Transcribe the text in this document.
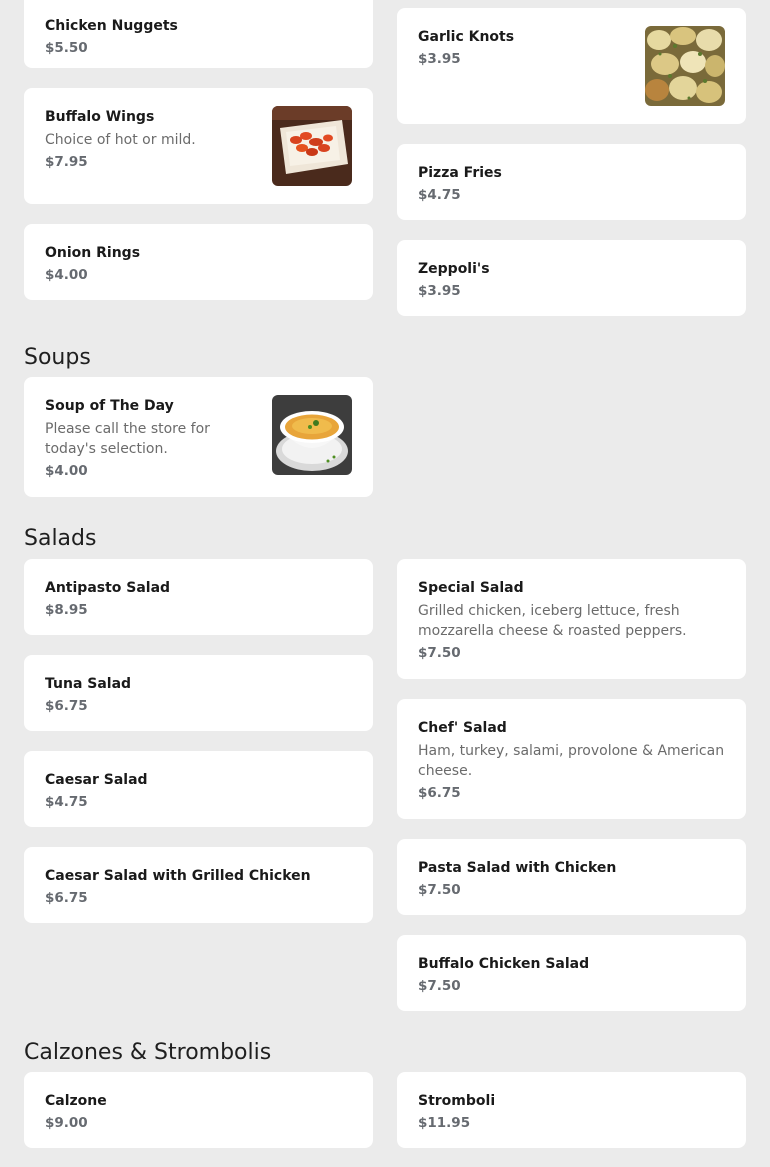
Chicken Nuggets
$5.50
Garlic Knots
$3.95
Buffalo Wings
Choice of hot or mild.
$7.95
Pizza Fries
$4.75
Onion Rings
$4.00	Zeppoli's
$3.95
Soups
Soup of The Day
Please call the store for today's selection.
$4.00
Salads
Antipasto Salad
$8.95
Special Salad
Grilled chicken, iceberg lettuce, fresh mozzarella cheese & roasted peppers.
$7.50
Tuna Salad
$6.75
Chef' Salad
Ham, turkey, salami, provolone & American cheese.
$6.75
Caesar Salad
$4.75
Pasta Salad with Chicken
$7.50
Caesar Salad with Grilled Chicken
$6.75
Buffalo Chicken Salad
$7.50
Calzones & Strombolis
Calzone
$9.00
Stromboli
$11.95
